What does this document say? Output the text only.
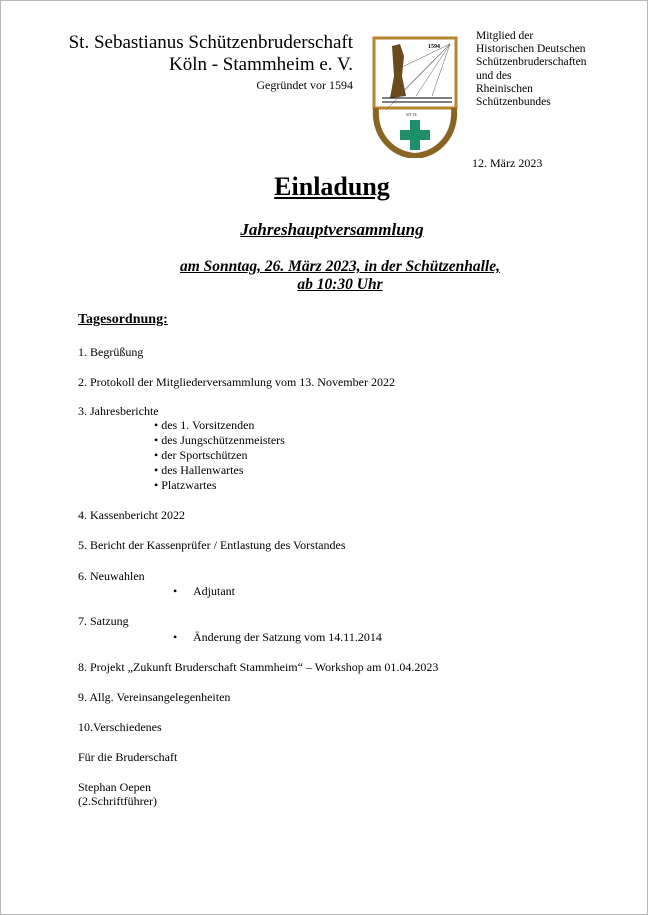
St. Sebastianus Schützenbruderschaft
Köln - Stammheim e. V.
Gegründet vor 1594
1594
SITTE
Mitglied der
Historischen Deutschen
Schützenbruderschaften
und des
Rheinischen
Schützenbundes
12. März 2023
Einladung
Jahreshauptversammlung
am Sonntag, 26. März 2023, in der Schützenhalle,
ab 10:30 Uhr
Tagesordnung:
1. Begrüßung
2. Protokoll der Mitgliederversammlung vom 13. November 2022
3. Jahresberichte
• des 1. Vorsitzenden
• des Jungschützenmeisters
• der Sportschützen
• des Hallenwartes
• Platzwartes
4. Kassenbericht 2022
5. Bericht der Kassenprüfer / Entlastung des Vorstandes
6. Neuwahlen
• Adjutant
7. Satzung
• Änderung der Satzung vom 14.11.2014
8. Projekt „Zukunft Bruderschaft Stammheim“ – Workshop am 01.04.2023
9. Allg. Vereinsangelegenheiten
10.Verschiedenes
Für die Bruderschaft
Stephan Oepen
(2.Schriftführer)
